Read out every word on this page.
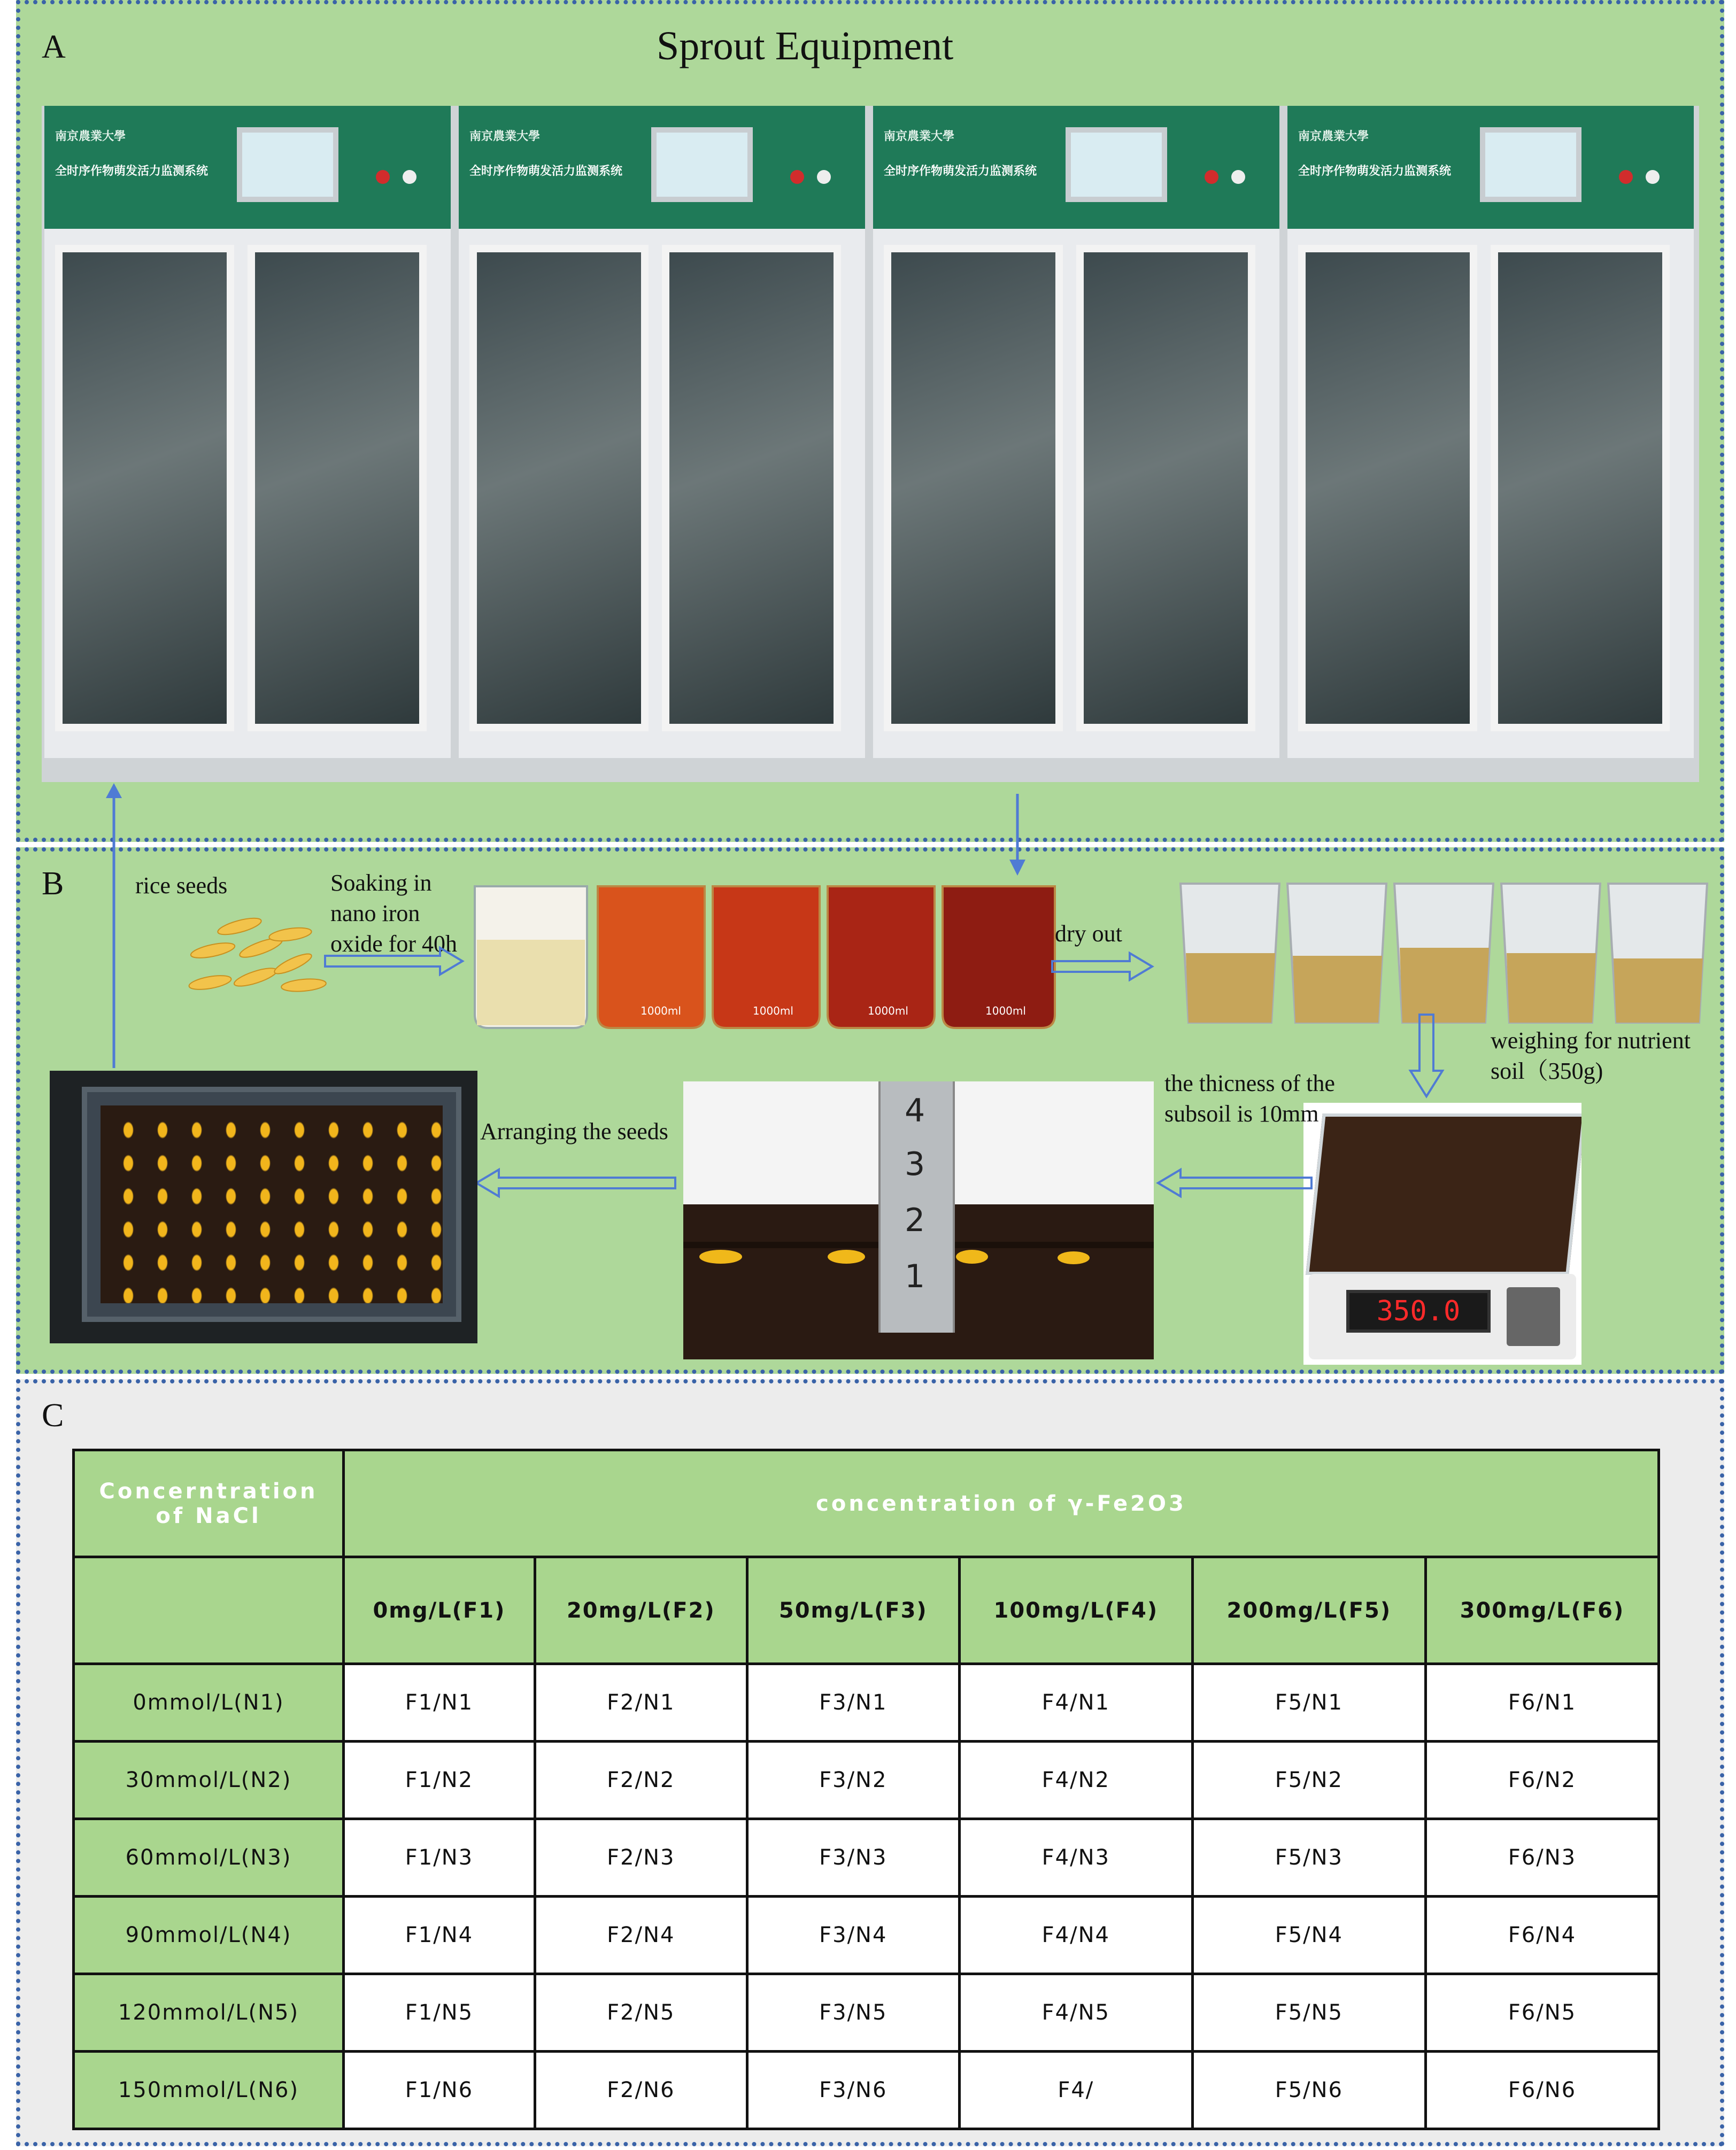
A	Sprout Equipment
南京農業大學
全时序作物萌发活力监测系统
南京農業大學
全时序作物萌发活力监测系统
南京農業大學
全时序作物萌发活力监测系统
南京農業大學
全时序作物萌发活力监测系统
B	rice seeds	Soaking in nano iron oxide for 40h
1000ml	1000ml	1000ml	1000ml
dry out
weighing for nutrient soil（350g)
350.0
the thicness of the subsoil is 10mm
4
3
2
1
Arranging the seeds
C
Concerntration of NaCl	concentration of γ-Fe2O3					
	0mg/L(F1)	20mg/L(F2)	50mg/L(F3)	100mg/L(F4)	200mg/L(F5)	300mg/L(F6)
0mmol/L(N1)	F1/N1	F2/N1	F3/N1	F4/N1	F5/N1	F6/N1
30mmol/L(N2)	F1/N2	F2/N2	F3/N2	F4/N2	F5/N2	F6/N2
60mmol/L(N3)	F1/N3	F2/N3	F3/N3	F4/N3	F5/N3	F6/N3
90mmol/L(N4)	F1/N4	F2/N4	F3/N4	F4/N4	F5/N4	F6/N4
120mmol/L(N5)	F1/N5	F2/N5	F3/N5	F4/N5	F5/N5	F6/N5
150mmol/L(N6)	F1/N6	F2/N6	F3/N6	F4/	F5/N6	F6/N6
